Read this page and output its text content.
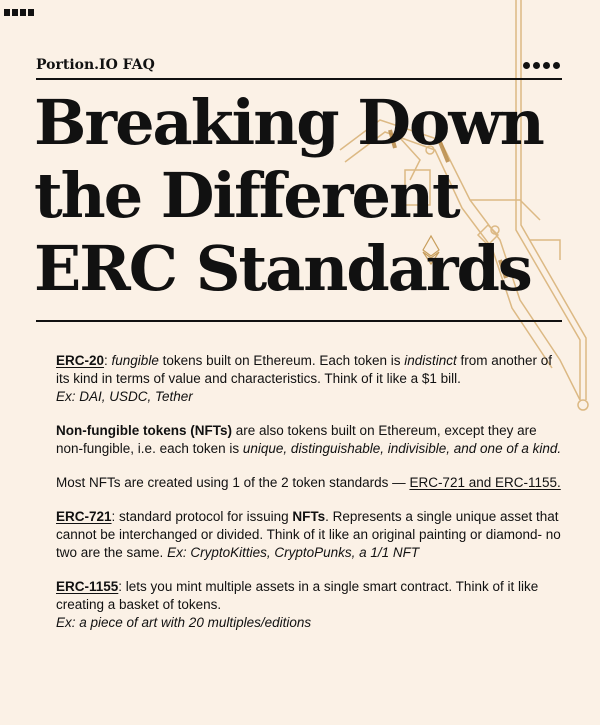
Portion.IO FAQ
Breaking Down
the Different
ERC Standards

ERC-20: fungible tokens built on Ethereum. Each token is indistinct from another of its kind in terms of value and characteristics. Think of it like a $1 bill.
Ex: DAI, USDC, Tether

Non-fungible tokens (NFTs) are also tokens built on Ethereum, except they are non-fungible, i.e. each token is unique, distinguishable, indivisible, and one of a kind.

Most NFTs are created using 1 of the 2 token standards — ERC-721 and ERC-1155.

ERC-721: standard protocol for issuing NFTs. Represents a single unique asset that cannot be interchanged or divided. Think of it like an original painting or diamond- no two are the same. Ex: CryptoKitties, CryptoPunks, a 1/1 NFT

ERC-1155: lets you mint multiple assets in a single smart contract. Think of it like creating a basket of tokens.
Ex: a piece of art with 20 multiples/editions
